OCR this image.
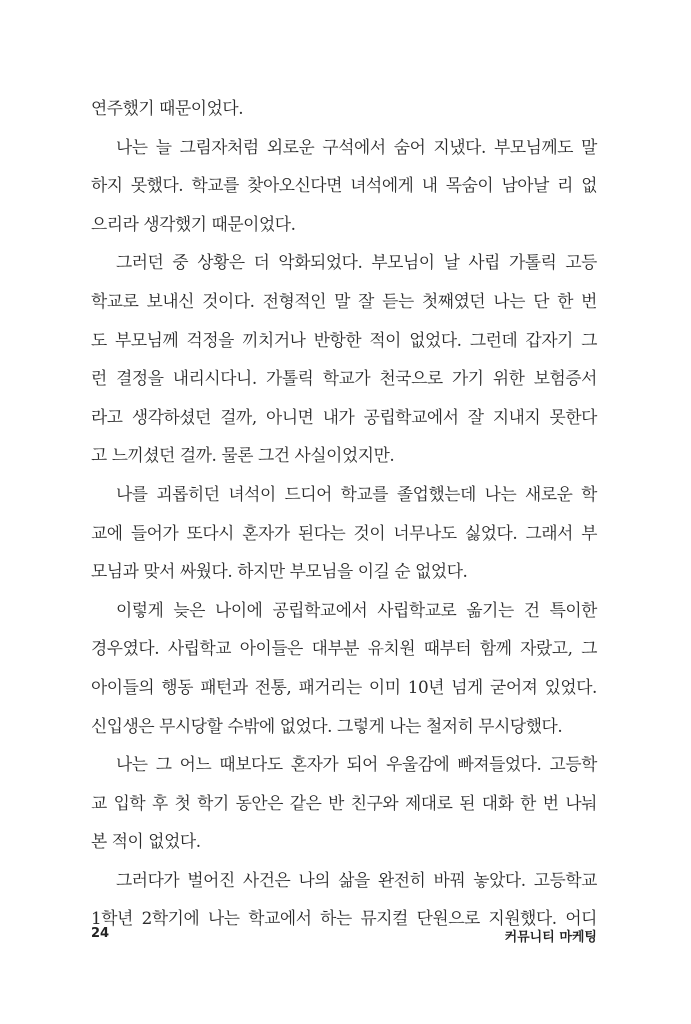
연주했기 때문이었다.
나는 늘 그림자처럼 외로운 구석에서 숨어 지냈다. 부모님께도 말
하지 못했다. 학교를 찾아오신다면 녀석에게 내 목숨이 남아날 리 없
으리라 생각했기 때문이었다.
그러던 중 상황은 더 악화되었다. 부모님이 날 사립 가톨릭 고등
학교로 보내신 것이다. 전형적인 말 잘 듣는 첫째였던 나는 단 한 번
도 부모님께 걱정을 끼치거나 반항한 적이 없었다. 그런데 갑자기 그
런 결정을 내리시다니. 가톨릭 학교가 천국으로 가기 위한 보험증서
라고 생각하셨던 걸까, 아니면 내가 공립학교에서 잘 지내지 못한다
고 느끼셨던 걸까. 물론 그건 사실이었지만.
나를 괴롭히던 녀석이 드디어 학교를 졸업했는데 나는 새로운 학
교에 들어가 또다시 혼자가 된다는 것이 너무나도 싫었다. 그래서 부
모님과 맞서 싸웠다. 하지만 부모님을 이길 순 없었다.
이렇게 늦은 나이에 공립학교에서 사립학교로 옮기는 건 특이한
경우였다. 사립학교 아이들은 대부분 유치원 때부터 함께 자랐고, 그
아이들의 행동 패턴과 전통, 패거리는 이미 10년 넘게 굳어져 있었다.
신입생은 무시당할 수밖에 없었다. 그렇게 나는 철저히 무시당했다.
나는 그 어느 때보다도 혼자가 되어 우울감에 빠져들었다. 고등학
교 입학 후 첫 학기 동안은 같은 반 친구와 제대로 된 대화 한 번 나눠
본 적이 없었다.
그러다가 벌어진 사건은 나의 삶을 완전히 바꿔 놓았다. 고등학교
1학년 2학기에 나는 학교에서 하는 뮤지컬 단원으로 지원했다. 어디
24	커뮤니티 마케팅
